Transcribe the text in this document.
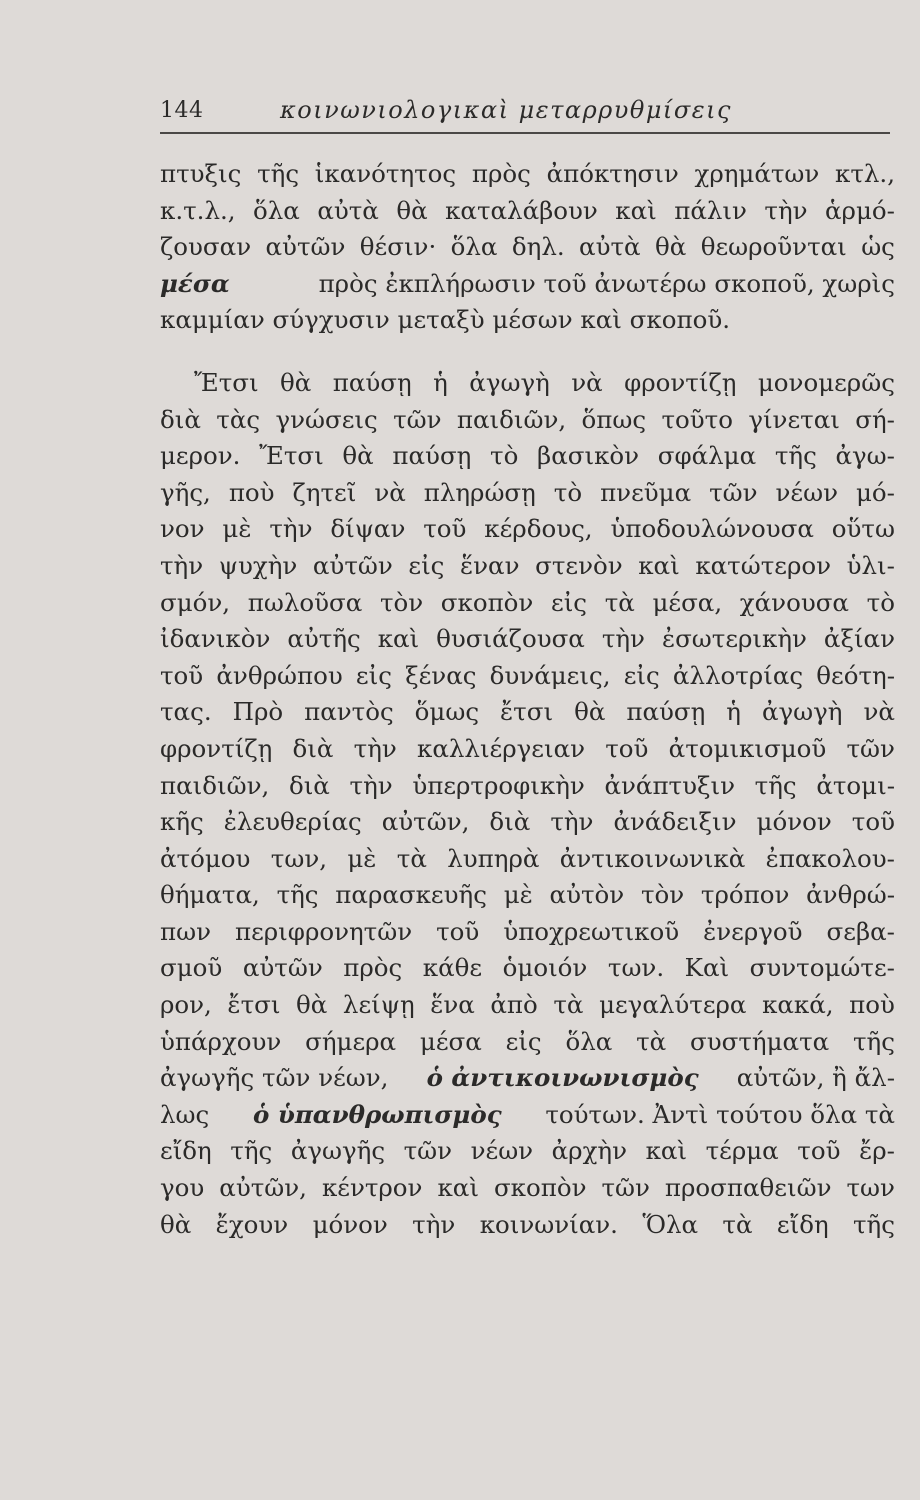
144	κοινωνιολογικαὶ μεταρρυθμίσεις
πτυξις τῆς ἱκανότητος πρὸς ἀπόκτησιν χρημάτων κτλ.,
κ.τ.λ., ὅλα αὐτὰ θὰ καταλάβουν καὶ πάλιν τὴν ἁρμό-
ζουσαν αὐτῶν θέσιν· ὅλα δηλ. αὐτὰ θὰ θεωροῦνται ὡς
μέσα
	πρὸς ἐκπλήρωσιν τοῦ ἀνωτέρω σκοποῦ, χωρὶς
καμμίαν σύγχυσιν μεταξὺ μέσων καὶ σκοποῦ.
Ἔτσι θὰ παύσῃ ἡ ἀγωγὴ νὰ φροντίζῃ μονομερῶς
διὰ τὰς γνώσεις τῶν παιδιῶν, ὅπως τοῦτο γίνεται σή-
μερον. Ἔτσι θὰ παύσῃ τὸ βασικὸν σφάλμα τῆς ἀγω-
γῆς, ποὺ ζητεῖ νὰ πληρώσῃ τὸ πνεῦμα τῶν νέων μό-
νον μὲ τὴν δίψαν τοῦ κέρδους, ὑποδουλώνουσα οὕτω
τὴν ψυχὴν αὐτῶν εἰς ἕναν στενὸν καὶ κατώτερον ὑλι-
σμόν, πωλοῦσα τὸν σκοπὸν εἰς τὰ μέσα, χάνουσα τὸ
ἰδανικὸν αὐτῆς καὶ θυσιάζουσα τὴν ἐσωτερικὴν ἀξίαν
τοῦ ἀνθρώπου εἰς ξένας δυνάμεις, εἰς ἀλλοτρίας θεότη-
τας. Πρὸ παντὸς ὅμως ἔτσι θὰ παύσῃ ἡ ἀγωγὴ νὰ
φροντίζῃ διὰ τὴν καλλιέργειαν τοῦ ἀτομικισμοῦ τῶν
παιδιῶν, διὰ τὴν ὑπερτροφικὴν ἀνάπτυξιν τῆς ἀτομι-
κῆς ἐλευθερίας αὐτῶν, διὰ τὴν ἀνάδειξιν μόνον τοῦ
ἀτόμου των, μὲ τὰ λυπηρὰ ἀντικοινωνικὰ ἐπακολου-
θήματα, τῆς παρασκευῆς μὲ αὐτὸν τὸν τρόπον ἀνθρώ-
πων περιφρονητῶν τοῦ ὑποχρεωτικοῦ ἐνεργοῦ σεβα-
σμοῦ αὐτῶν πρὸς κάθε ὁμοιόν των. Καὶ συντομώτε-
ρον, ἔτσι θὰ λείψῃ ἕνα ἀπὸ τὰ μεγαλύτερα κακά, ποὺ
ὑπάρχουν σήμερα μέσα εἰς ὅλα τὰ συστήματα τῆς
ἀγωγῆς τῶν νέων, ὁ ἀντικοινωνισμὸς αὐτῶν, ἢ ἄλ-
λως ὁ ὑπανθρωπισμὸς τούτων. Ἀντὶ τούτου ὅλα τὰ
εἴδη τῆς ἀγωγῆς τῶν νέων ἀρχὴν καὶ τέρμα τοῦ ἔρ-
γου αὐτῶν, κέντρον καὶ σκοπὸν τῶν προσπαθειῶν των
θὰ ἔχουν μόνον τὴν κοινωνίαν. Ὅλα τὰ εἴδη τῆς
